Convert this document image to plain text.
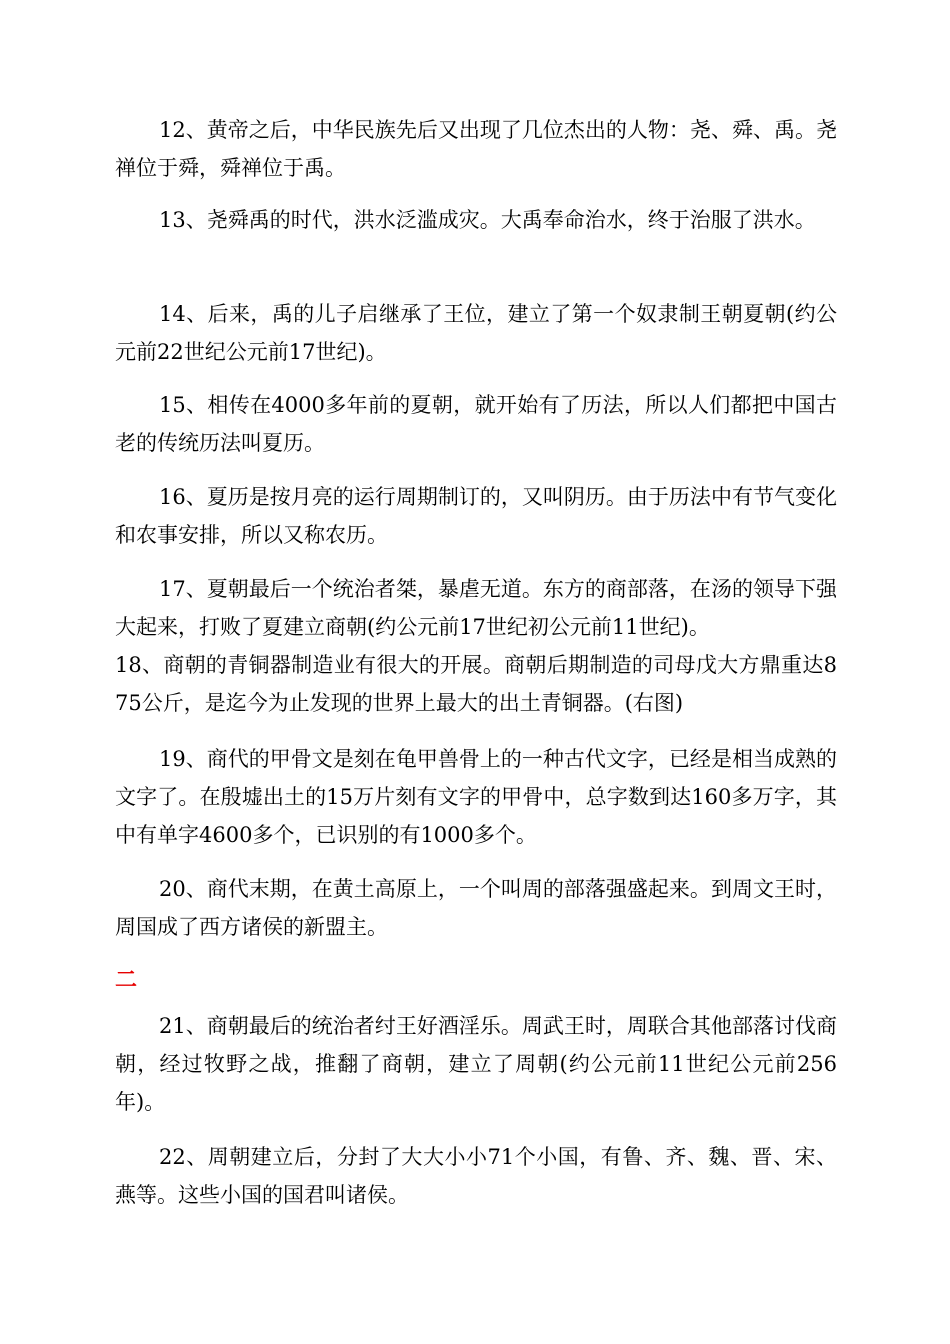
12、黄帝之后，中华民族先后又出现了几位杰出的人物：尧、舜、禹。尧禅位于舜，舜禅位于禹。

13、尧舜禹的时代，洪水泛滥成灾。大禹奉命治水，终于治服了洪水。

14、后来，禹的儿子启继承了王位，建立了第一个奴隶制王朝夏朝(约公元前22世纪公元前17世纪)。

15、相传在4000多年前的夏朝，就开始有了历法，所以人们都把中国古老的传统历法叫夏历。

16、夏历是按月亮的运行周期制订的，又叫阴历。由于历法中有节气变化和农事安排，所以又称农历。

17、夏朝最后一个统治者桀，暴虐无道。东方的商部落，在汤的领导下强大起来，打败了夏建立商朝(约公元前17世纪初公元前11世纪)。

18、商朝的青铜器制造业有很大的开展。商朝后期制造的司母戊大方鼎重达875公斤，是迄今为止发现的世界上最大的出土青铜器。(右图)

19、商代的甲骨文是刻在龟甲兽骨上的一种古代文字，已经是相当成熟的文字了。在殷墟出土的15万片刻有文字的甲骨中，总字数到达160多万字，其中有单字4600多个，已识别的有1000多个。

20、商代末期，在黄土高原上，一个叫周的部落强盛起来。到周文王时，周国成了西方诸侯的新盟主。

二

21、商朝最后的统治者纣王好酒淫乐。周武王时，周联合其他部落讨伐商朝，经过牧野之战，推翻了商朝，建立了周朝(约公元前11世纪公元前256年)。

22、周朝建立后，分封了大大小小71个小国，有鲁、齐、魏、晋、宋、燕等。这些小国的国君叫诸侯。
